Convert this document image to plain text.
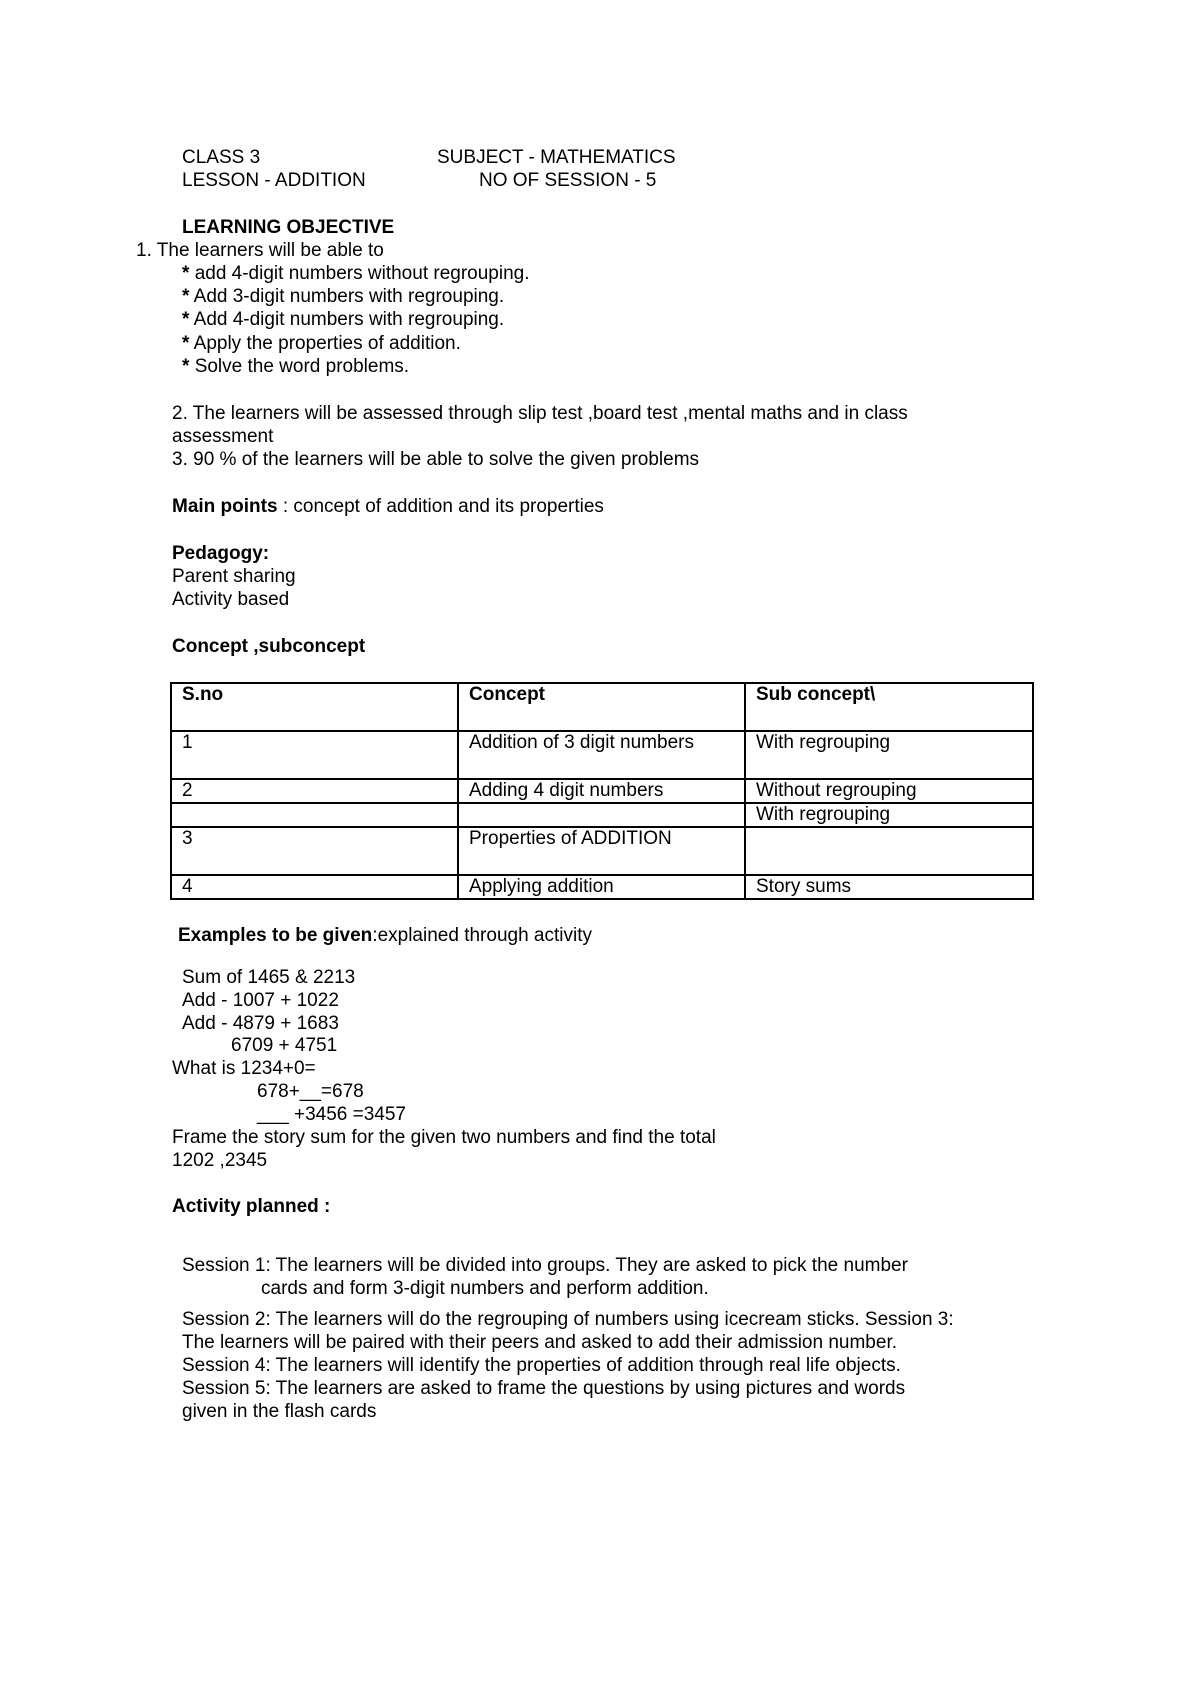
CLASS 3	SUBJECT - MATHEMATICS
LESSON - ADDITION	NO OF SESSION - 5
LEARNING OBJECTIVE
1. The learners will be able to
* add 4-digit numbers without regrouping.
* Add 3-digit numbers with regrouping.
* Add 4-digit numbers with regrouping.
* Apply the properties of addition.
* Solve the word problems.
2. The learners will be assessed through slip test ,board test ,mental maths and in class
assessment
3. 90 % of the learners will be able to solve the given problems
Main points : concept of addition and its properties
Pedagogy:
Parent sharing
Activity based
Concept ,subconcept
S.no	Concept	Sub concept\
1	Addition of 3 digit numbers	With regrouping
2	Adding 4 digit numbers	Without regrouping
		With regrouping
3	Properties of ADDITION	
4	Applying addition	Story sums
Examples to be given:explained through activity
Sum of 1465 & 2213
Add - 1007 + 1022
Add - 4879 + 1683
6709 + 4751
What is 1234+0=
678+__=678
___ +3456 =3457
Frame the story sum for the given two numbers and find the total
1202 ,2345
Activity planned :
Session 1: The learners will be divided into groups. They are asked to pick the number
cards and form 3-digit numbers and perform addition.
Session 2: The learners will do the regrouping of numbers using icecream sticks. Session 3:
The learners will be paired with their peers and asked to add their admission number.
Session 4: The learners will identify the properties of addition through real life objects.
Session 5: The learners are asked to frame the questions by using pictures and words
given in the flash cards
